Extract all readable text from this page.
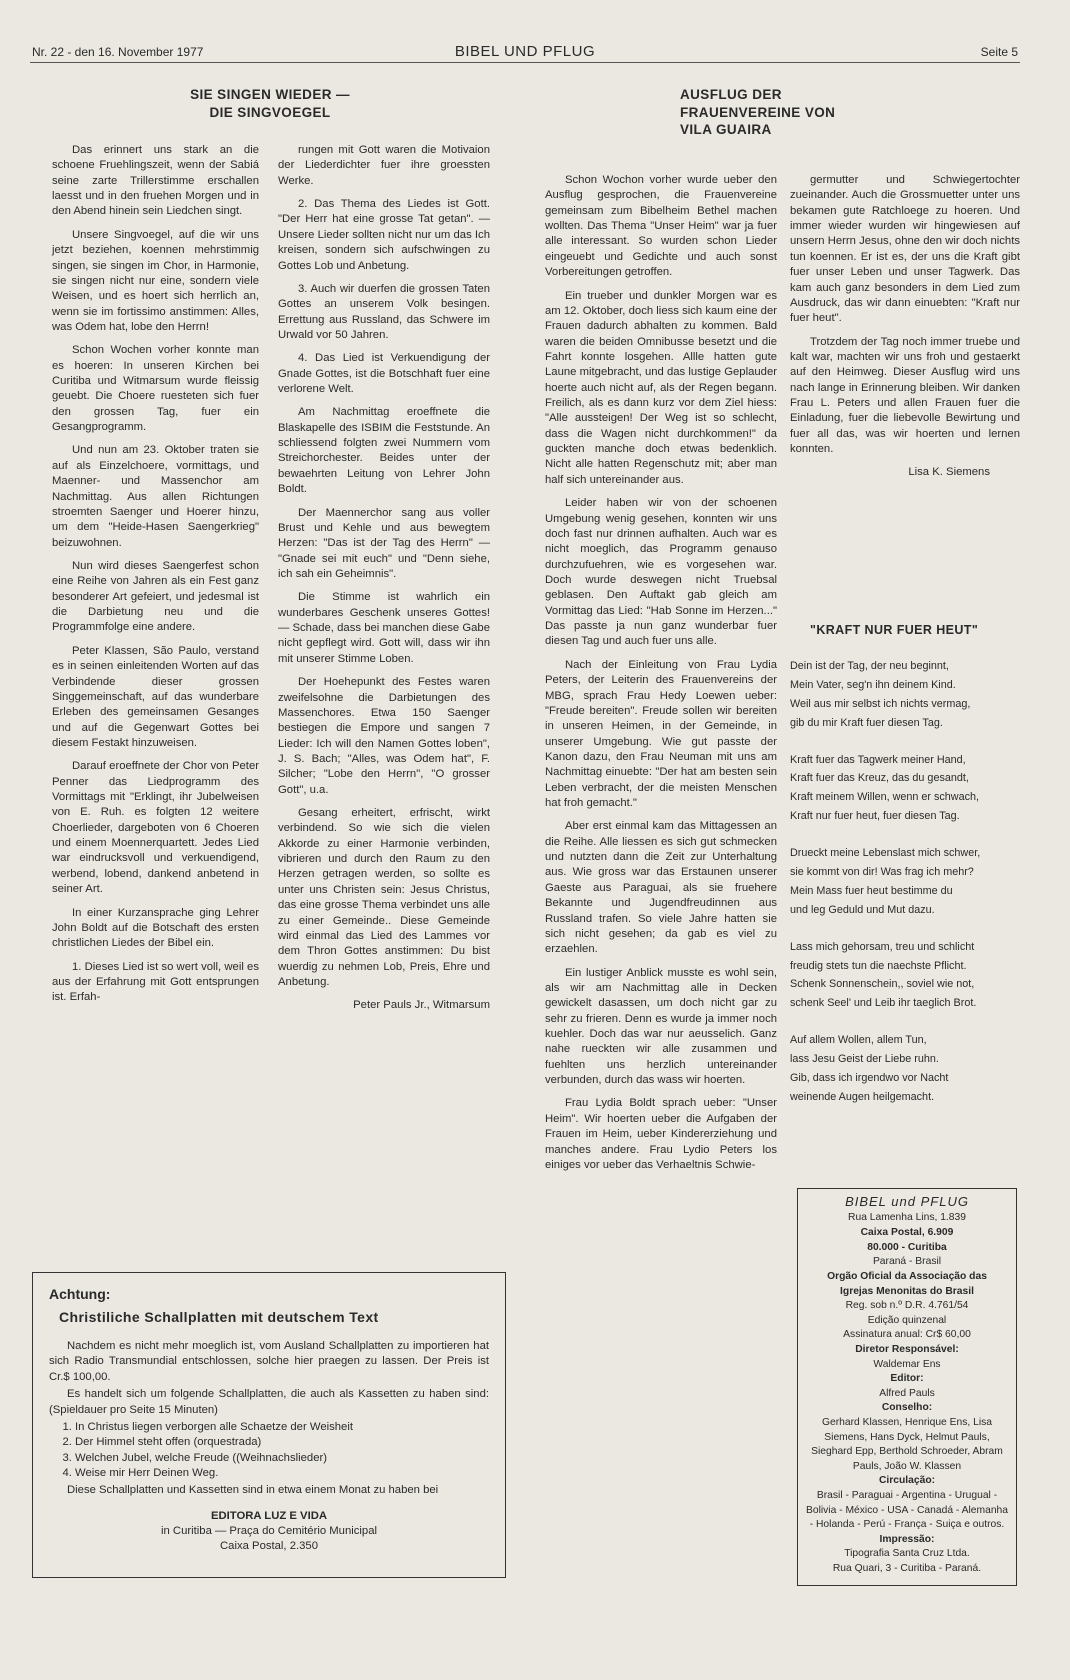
Nr. 22 - den 16. November 1977	BIBEL UND PFLUG	Seite 5
SIE SINGEN WIEDER —
DIE SINGVOEGEL

Das erinnert uns stark an die schoene Fruehlingszeit, wenn der Sabiá seine zarte Trillerstimme erschallen laesst und in den fruehen Morgen und in den Abend hinein sein Liedchen singt.

Unsere Singvoegel, auf die wir uns jetzt beziehen, koennen mehrstimmig singen, sie singen im Chor, in Harmonie, sie singen nicht nur eine, sondern viele Weisen, und es hoert sich herrlich an, wenn sie im fortissimo anstimmen: Alles, was Odem hat, lobe den Herrn!

Schon Wochen vorher konnte man es hoeren: In unseren Kirchen bei Curitiba und Witmarsum wurde fleissig geuebt. Die Choere ruesteten sich fuer den grossen Tag, fuer ein Gesangprogramm.

Und nun am 23. Oktober traten sie auf als Einzelchoere, vormittags, und Maenner- und Massenchor am Nachmittag. Aus allen Richtungen stroemten Saenger und Hoerer hinzu, um dem "Heide-Hasen Saengerkrieg" beizuwohnen.

Nun wird dieses Saengerfest schon eine Reihe von Jahren als ein Fest ganz besonderer Art gefeiert, und jedesmal ist die Darbietung neu und die Programmfolge eine andere.

Peter Klassen, São Paulo, verstand es in seinen einleitenden Worten auf das Verbindende dieser grossen Singgemeinschaft, auf das wunderbare Erleben des gemeinsamen Gesanges und auf die Gegenwart Gottes bei diesem Festakt hinzuweisen.

Darauf eroeffnete der Chor von Peter Penner das Liedprogramm des Vormittags mit "Erklingt, ihr Jubelweisen von E. Ruh. es folgten 12 weitere Choerlieder, dargeboten von 6 Choeren und einem Moennerquartett. Jedes Lied war eindrucksvoll und verkuendigend, werbend, lobend, dankend anbetend in seiner Art.

In einer Kurzansprache ging Lehrer John Boldt auf die Botschaft des ersten christlichen Liedes der Bibel ein.

1. Dieses Lied ist so wert voll, weil es aus der Erfahrung mit Gott entsprungen ist. Erfah-

rungen mit Gott waren die Motivaion der Liederdichter fuer ihre groessten Werke.

2. Das Thema des Liedes ist Gott. "Der Herr hat eine grosse Tat getan". — Unsere Lieder sollten nicht nur um das Ich kreisen, sondern sich aufschwingen zu Gottes Lob und Anbetung.

3. Auch wir duerfen die grossen Taten Gottes an unserem Volk besingen. Errettung aus Russland, das Schwere im Urwald vor 50 Jahren.

4. Das Lied ist Verkuendigung der Gnade Gottes, ist die Botschhaft fuer eine verlorene Welt.

Am Nachmittag eroeffnete die Blaskapelle des ISBIM die Feststunde. An schliessend folgten zwei Nummern vom Streichorchester. Beides unter der bewaehrten Leitung von Lehrer John Boldt.

Der Maennerchor sang aus voller Brust und Kehle und aus bewegtem Herzen: "Das ist der Tag des Herrn" — "Gnade sei mit euch" und "Denn siehe, ich sah ein Geheimnis".

Die Stimme ist wahrlich ein wunderbares Geschenk unseres Gottes! — Schade, dass bei manchen diese Gabe nicht gepflegt wird. Gott will, dass wir ihn mit unserer Stimme Loben.

Der Hoehepunkt des Festes waren zweifelsohne die Darbietungen des Massenchores. Etwa 150 Saenger bestiegen die Empore und sangen 7 Lieder: Ich will den Namen Gottes loben", J. S. Bach; "Alles, was Odem hat", F. Silcher; "Lobe den Herrn", "O grosser Gott", u.a.

Gesang erheitert, erfrischt, wirkt verbindend. So wie sich die vielen Akkorde zu einer Harmonie verbinden, vibrieren und durch den Raum zu den Herzen getragen werden, so sollte es unter uns Christen sein: Jesus Christus, das eine grosse Thema verbindet uns alle zu einer Gemeinde.. Diese Gemeinde wird einmal das Lied des Lammes vor dem Thron Gottes anstimmen: Du bist wuerdig zu nehmen Lob, Preis, Ehre und Anbetung.

Peter Pauls Jr., Witmarsum

AUSFLUG DER
FRAUENVEREINE VON
VILA GUAIRA

Schon Wochon vorher wurde ueber den Ausflug gesprochen, die Frauenvereine gemeinsam zum Bibelheim Bethel machen wollten. Das Thema "Unser Heim" war ja fuer alle interessant. So wurden schon Lieder eingeuebt und Gedichte und auch sonst Vorbereitungen getroffen.

Ein trueber und dunkler Morgen war es am 12. Oktober, doch liess sich kaum eine der Frauen dadurch abhalten zu kommen. Bald waren die beiden Omnibusse besetzt und die Fahrt konnte losgehen. Allle hatten gute Laune mitgebracht, und das lustige Geplauder hoerte auch nicht auf, als der Regen begann. Freilich, als es dann kurz vor dem Ziel hiess: "Alle aussteigen! Der Weg ist so schlecht, dass die Wagen nicht durchkommen!" da guckten manche doch etwas bedenklich. Nicht alle hatten Regenschutz mit; aber man half sich untereinander aus.

Leider haben wir von der schoenen Umgebung wenig gesehen, konnten wir uns doch fast nur drinnen aufhalten. Auch war es nicht moeglich, das Programm genauso durchzufuehren, wie es vorgesehen war. Doch wurde deswegen nicht Truebsal geblasen. Den Auftakt gab gleich am Vormittag das Lied: "Hab Sonne im Herzen..." Das passte ja nun ganz wunderbar fuer diesen Tag und auch fuer uns alle.

Nach der Einleitung von Frau Lydia Peters, der Leiterin des Frauenvereins der MBG, sprach Frau Hedy Loewen ueber: "Freude bereiten". Freude sollen wir bereiten in unseren Heimen, in der Gemeinde, in unserer Umgebung. Wie gut passte der Kanon dazu, den Frau Neuman mit uns am Nachmittag einuebte: "Der hat am besten sein Leben verbracht, der die meisten Menschen hat froh gemacht."

Aber erst einmal kam das Mittagessen an die Reihe. Alle liessen es sich gut schmecken und nutzten dann die Zeit zur Unterhaltung aus. Wie gross war das Erstaunen unserer Gaeste aus Paraguai, als sie fruehere Bekannte und Jugendfreudinnen aus Russland trafen. So viele Jahre hatten sie sich nicht gesehen; da gab es viel zu erzaehlen.

Ein lustiger Anblick musste es wohl sein, als wir am Nachmittag alle in Decken gewickelt dasassen, um doch nicht gar zu sehr zu frieren. Denn es wurde ja immer noch kuehler. Doch das war nur aeusselich. Ganz nahe rueckten wir alle zusammen und fuehlten uns herzlich untereinander verbunden, durch das wass wir hoerten.

Frau Lydia Boldt sprach ueber: "Unser Heim". Wir hoerten ueber die Aufgaben der Frauen im Heim, ueber Kindererziehung und manches andere. Frau Lydio Peters los einiges vor ueber das Verhaeltnis Schwie-

germutter und Schwiegertochter zueinander. Auch die Grossmuetter unter uns bekamen gute Ratchloege zu hoeren. Und immer wieder wurden wir hingewiesen auf unsern Herrn Jesus, ohne den wir doch nichts tun koennen. Er ist es, der uns die Kraft gibt fuer unser Leben und unser Tagwerk. Das kam auch ganz besonders in dem Lied zum Ausdruck, das wir dann einuebten: "Kraft nur fuer heut".

Trotzdem der Tag noch immer truebe und kalt war, machten wir uns froh und gestaerkt auf den Heimweg. Dieser Ausflug wird uns nach lange in Erinnerung bleiben. Wir danken Frau L. Peters und allen Frauen fuer die Einladung, fuer die liebevolle Bewirtung und fuer all das, was wir hoerten und lernen konnten.

Lisa K. Siemens

"KRAFT NUR FUER HEUT"
Dein ist der Tag, der neu beginnt,
Mein Vater, seg'n ihn deinem Kind.
Weil aus mir selbst ich nichts vermag,
gib du mir Kraft fuer diesen Tag.
Kraft fuer das Tagwerk meiner Hand,
Kraft fuer das Kreuz, das du gesandt,
Kraft meinem Willen, wenn er schwach,
Kraft nur fuer heut, fuer diesen Tag.
Drueckt meine Lebenslast mich schwer,
sie kommt von dir! Was frag ich mehr?
Mein Mass fuer heut bestimme du
und leg Geduld und Mut dazu.
Lass mich gehorsam, treu und schlicht
freudig stets tun die naechste Pflicht.
Schenk Sonnenschein,, soviel wie not,
schenk Seel' und Leib ihr taeglich Brot.
Auf allem Wollen, allem Tun,
lass Jesu Geist der Liebe ruhn.
Gib, dass ich irgendwo vor Nacht
weinende Augen heilgemacht.
Achtung:
Christiliche Schallplatten mit deutschem Text

Nachdem es nicht mehr moeglich ist, vom Ausland Schallplatten zu importieren hat sich Radio Transmundial entschlossen, solche hier praegen zu lassen. Der Preis ist Cr.$ 100,00.

Es handelt sich um folgende Schallplatten, die auch als Kassetten zu haben sind: (Spieldauer pro Seite 15 Minuten)

1. In Christus liegen verborgen alle Schaetze der Weisheit
2. Der Himmel steht offen (orquestrada)
3. Welchen Jubel, welche Freude ((Weihnachslieder)
4. Weise mir Herr Deinen Weg.

Diese Schallplatten und Kassetten sind in etwa einem Monat zu haben bei

EDITORA LUZ E VIDA
in Curitiba — Praça do Cemitério Municipal
Caixa Postal, 2.350
BIBEL und PFLUG
Rua Lamenha Lins, 1.839
Caixa Postal, 6.909
80.000 - Curitiba
Paraná - Brasil
Orgão Oficial da Associação das
Igrejas Menonitas do Brasil
Reg. sob n.º D.R. 4.761/54
Edição quinzenal
Assinatura anual: Cr$ 60,00
Diretor Responsável:
Waldemar Ens
Editor:
Alfred Pauls
Conselho:
Gerhard Klassen, Henrique Ens, Lisa Siemens, Hans Dyck, Helmut Pauls, Sieghard Epp, Berthold Schroeder, Abram Pauls, João W. Klassen
Circulação:
Brasil - Paraguai - Argentina - Urugual - Bolivia - México - USA - Canadá - Alemanha - Holanda - Perú - França - Suiça e outros.
Impressão:
Tipografia Santa Cruz Ltda.
Rua Quari, 3 - Curitiba - Paraná.
